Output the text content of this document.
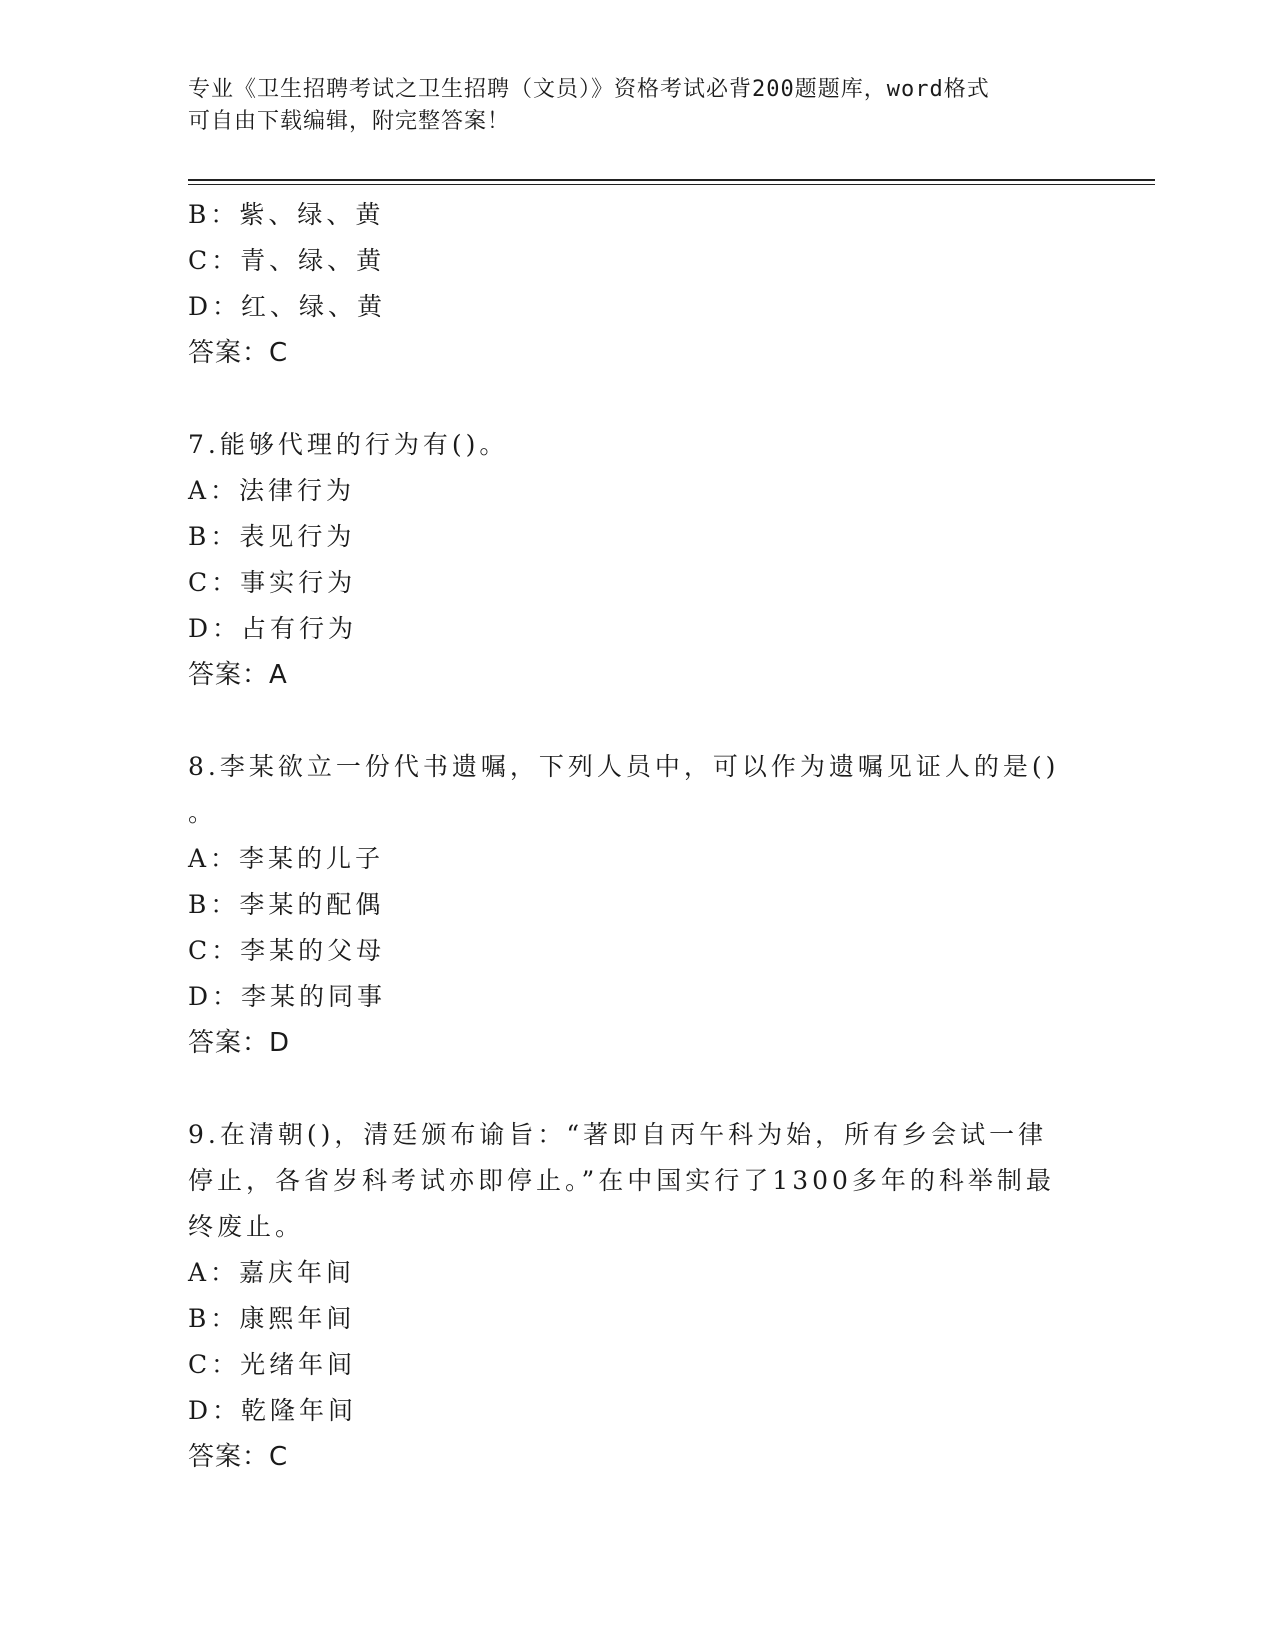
专业《卫生招聘考试之卫生招聘（文员）》资格考试必背200题题库，word格式
可自由下载编辑，附完整答案！
B：紫、绿、黄
C：青、绿、黄
D：红、绿、黄
答案：C
7.能够代理的行为有()。
A：法律行为
B：表见行为
C：事实行为
D：占有行为
答案：A
8.李某欲立一份代书遗嘱，下列人员中，可以作为遗嘱见证人的是()
。
A：李某的儿子
B：李某的配偶
C：李某的父母
D：李某的同事
答案：D
9.在清朝()，清廷颁布谕旨：“著即自丙午科为始，所有乡会试一律
停止，各省岁科考试亦即停止。”在中国实行了1300多年的科举制最
终废止。
A：嘉庆年间
B：康熙年间
C：光绪年间
D：乾隆年间
答案：C
